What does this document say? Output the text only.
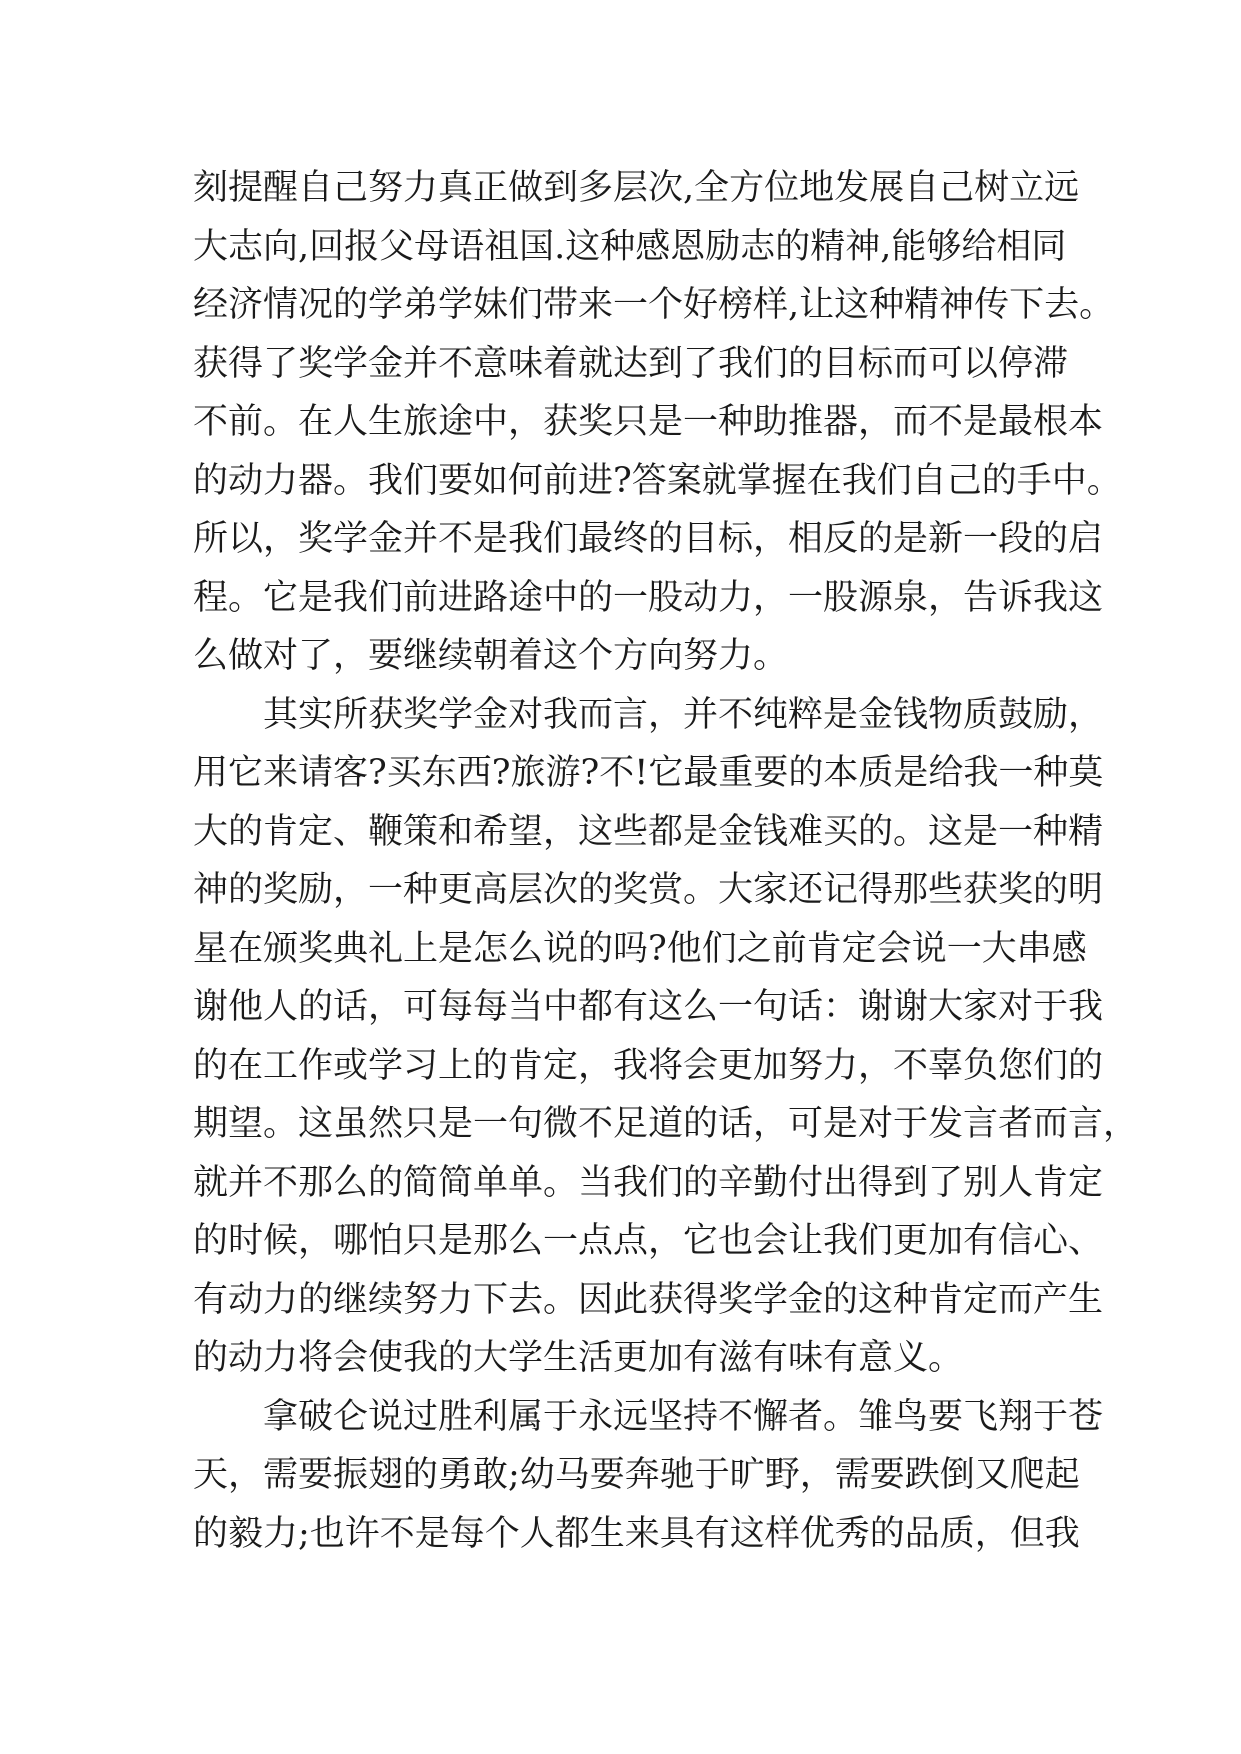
刻提醒自己努力真正做到多层次,全方位地发展自己树立远
大志向,回报父母语祖国.这种感恩励志的精神,能够给相同
经济情况的学弟学妹们带来一个好榜样,让这种精神传下去。
获得了奖学金并不意味着就达到了我们的目标而可以停滞
不前。在人生旅途中，获奖只是一种助推器，而不是最根本
的动力器。我们要如何前进?答案就掌握在我们自己的手中。
所以，奖学金并不是我们最终的目标，相反的是新一段的启
程。它是我们前进路途中的一股动力，一股源泉，告诉我这
么做对了，要继续朝着这个方向努力。
其实所获奖学金对我而言，并不纯粹是金钱物质鼓励，
用它来请客?买东西?旅游?不!它最重要的本质是给我一种莫
大的肯定、鞭策和希望，这些都是金钱难买的。这是一种精
神的奖励，一种更高层次的奖赏。大家还记得那些获奖的明
星在颁奖典礼上是怎么说的吗?他们之前肯定会说一大串感
谢他人的话，可每每当中都有这么一句话：谢谢大家对于我
的在工作或学习上的肯定，我将会更加努力，不辜负您们的
期望。这虽然只是一句微不足道的话，可是对于发言者而言，
就并不那么的简简单单。当我们的辛勤付出得到了别人肯定
的时候，哪怕只是那么一点点，它也会让我们更加有信心、
有动力的继续努力下去。因此获得奖学金的这种肯定而产生
的动力将会使我的大学生活更加有滋有味有意义。
拿破仑说过胜利属于永远坚持不懈者。雏鸟要飞翔于苍
天，需要振翅的勇敢;幼马要奔驰于旷野，需要跌倒又爬起
的毅力;也许不是每个人都生来具有这样优秀的品质，但我
